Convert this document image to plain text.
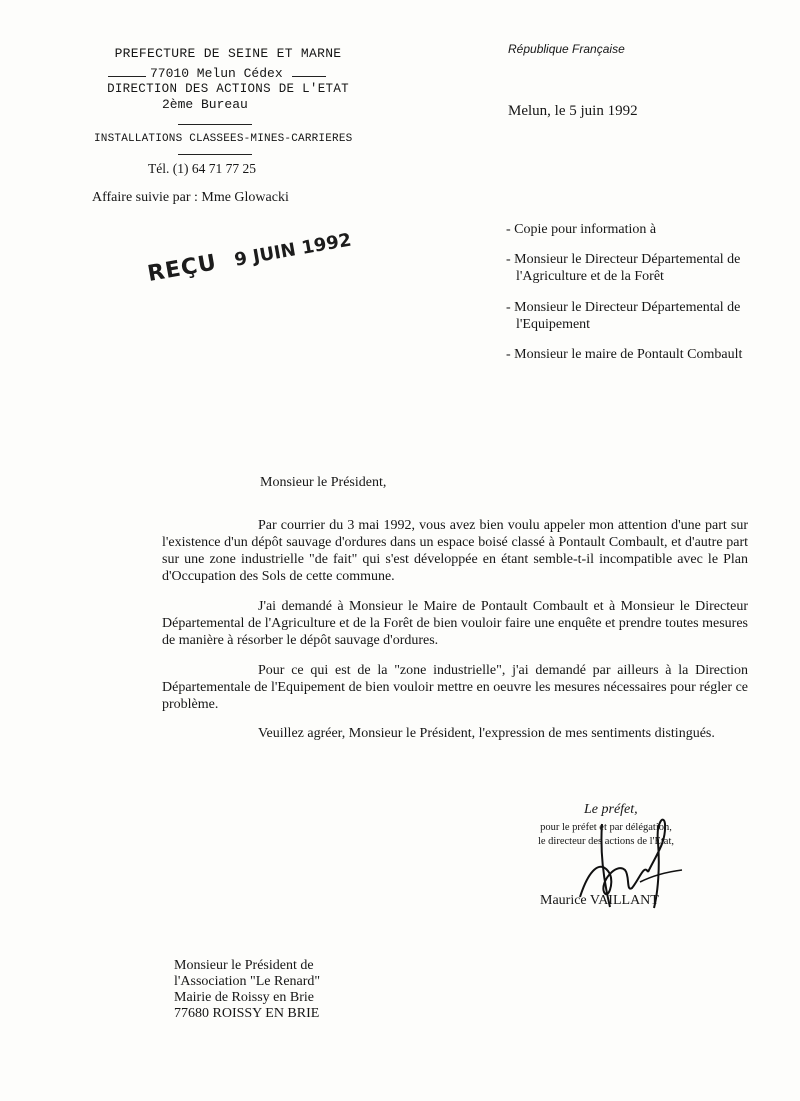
PREFECTURE DE SEINE ET MARNE
77010 Melun Cédex
DIRECTION DES ACTIONS DE L'ETAT
2ème Bureau
INSTALLATIONS CLASSEES-MINES-CARRIERES
Tél. (1) 64 71 77 25
Affaire suivie par : Mme Glowacki
République Française
Melun, le 5 juin 1992
- Copie pour information à
- Monsieur le Directeur Départemental de
l'Agriculture et de la Forêt
- Monsieur le Directeur Départemental de
l'Equipement
- Monsieur le maire de Pontault Combault
REÇU 9 JUIN 1992
Monsieur le Président,
Par courrier du 3 mai 1992, vous avez bien voulu appeler mon attention d'une part sur l'existence d'un dépôt sauvage d'ordures dans un espace boisé classé à Pontault Combault, et d'autre part sur une zone industrielle "de fait" qui s'est développée en étant semble-t-il incompatible avec le Plan d'Occupation des Sols de cette commune.
J'ai demandé à Monsieur le Maire de Pontault Combault et à Monsieur le Directeur Départemental de l'Agriculture et de la Forêt de bien vouloir faire une enquête et prendre toutes mesures de manière à résorber le dépôt sauvage d'ordures.
Pour ce qui est de la "zone industrielle", j'ai demandé par ailleurs à la Direction Départementale de l'Equipement de bien vouloir mettre en oeuvre les mesures nécessaires pour régler ce problème.
Veuillez agréer, Monsieur le Président, l'expression de mes sentiments distingués.
Le préfet,
pour le préfet et par délégation,
le directeur des actions de l'Etat,
Maurice VAILLANT
Monsieur le Président de
l'Association "Le Renard"
Mairie de Roissy en Brie
77680 ROISSY EN BRIE
